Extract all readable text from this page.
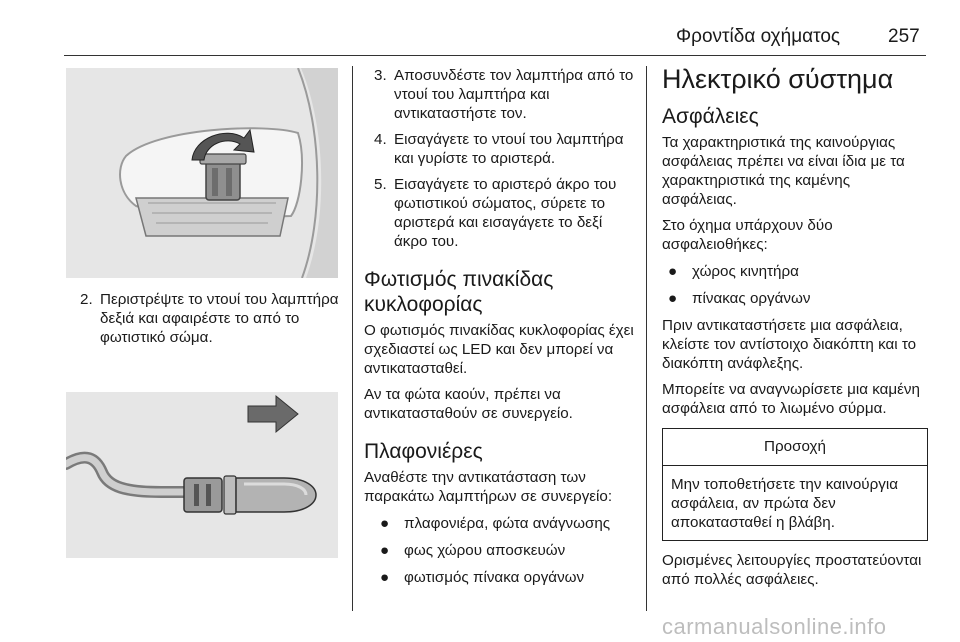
Φροντίδα οχήματος	257
2. Περιστρέψτε το ντουί του λαμπτήρα δεξιά και αφαιρέστε το από το φωτιστικό σώμα.
3. Αποσυνδέστε τον λαμπτήρα από το ντουί του λαμπτήρα και αντικαταστήστε τον.
4. Εισαγάγετε το ντουί του λαμπτήρα και γυρίστε το αριστερά.
5. Εισαγάγετε το αριστερό άκρο του φωτιστικού σώματος, σύρετε το αριστερά και εισαγάγετε το δεξί άκρο του.
Φωτισμός πινακίδας κυκλοφορίας
Ο φωτισμός πινακίδας κυκλοφορίας έχει σχεδιαστεί ως LED και δεν μπορεί να αντικατασταθεί.
Αν τα φώτα καούν, πρέπει να αντικατασταθούν σε συνεργείο.
Πλαφονιέρες
Αναθέστε την αντικατάσταση των παρακάτω λαμπτήρων σε συνεργείο:
● πλαφονιέρα, φώτα ανάγνωσης
● φως χώρου αποσκευών
● φωτισμός πίνακα οργάνων
Ηλεκτρικό σύστημα
Ασφάλειες
Τα χαρακτηριστικά της καινούργιας ασφάλειας πρέπει να είναι ίδια με τα χαρακτηριστικά της καμένης ασφάλειας.
Στο όχημα υπάρχουν δύο ασφαλειοθήκες:
● χώρος κινητήρα
● πίνακας οργάνων
Πριν αντικαταστήσετε μια ασφάλεια, κλείστε τον αντίστοιχο διακόπτη και το διακόπτη ανάφλεξης.
Μπορείτε να αναγνωρίσετε μια καμένη ασφάλεια από το λιωμένο σύρμα.
Προσοχή
Μην τοποθετήσετε την καινούργια ασφάλεια, αν πρώτα δεν αποκατασταθεί η βλάβη.
Ορισμένες λειτουργίες προστατεύονται από πολλές ασφάλειες.
carmanualsonline.info
